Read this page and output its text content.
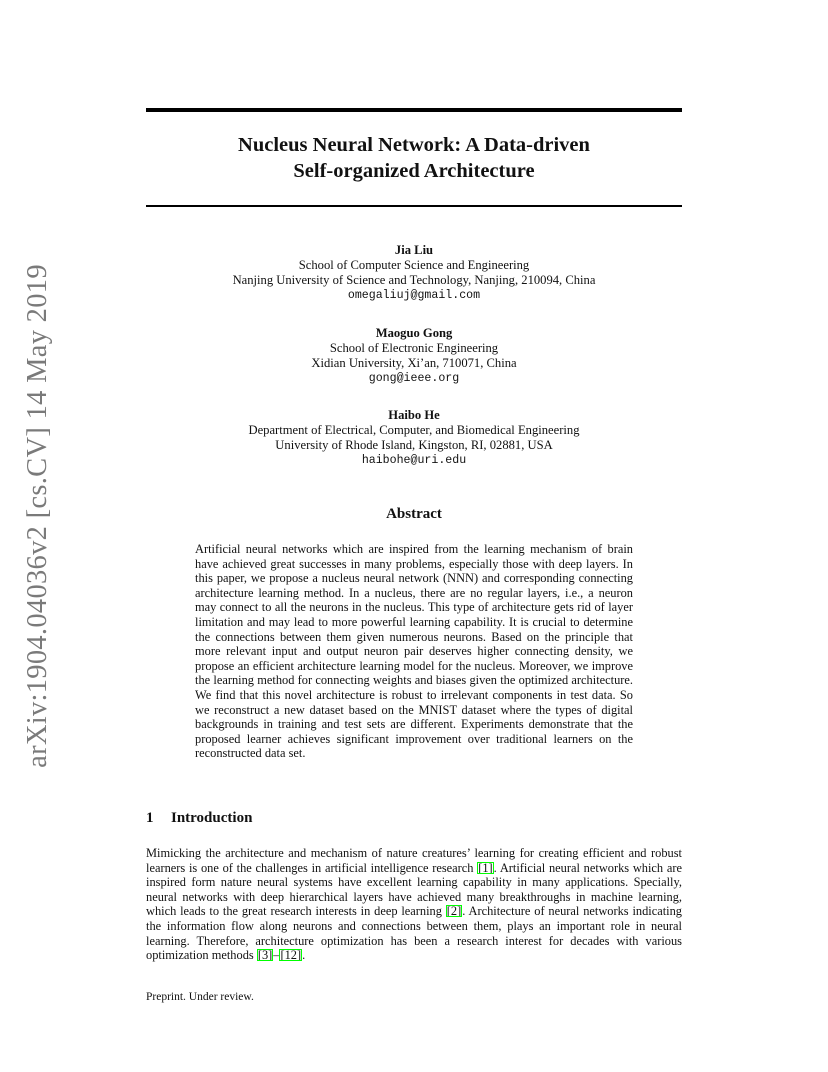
arXiv:1904.04036v2 [cs.CV] 14 May 2019
Nucleus Neural Network: A Data-driven
Self-organized Architecture
Jia Liu
School of Computer Science and Engineering
Nanjing University of Science and Technology, Nanjing, 210094, China
omegaliuj@gmail.com
Maoguo Gong
School of Electronic Engineering
Xidian University, Xi’an, 710071, China
gong@ieee.org
Haibo He
Department of Electrical, Computer, and Biomedical Engineering
University of Rhode Island, Kingston, RI, 02881, USA
haibohe@uri.edu
Abstract

Artificial neural networks which are inspired from the learning mechanism of brain have achieved great successes in many problems, especially those with deep layers. In this paper, we propose a nucleus neural network (NNN) and corresponding connecting architecture learning method. In a nucleus, there are no regular layers, i.e., a neuron may connect to all the neurons in the nucleus. This type of architecture gets rid of layer limitation and may lead to more powerful learning capability. It is crucial to determine the connections between them given numerous neurons. Based on the principle that more relevant input and output neuron pair deserves higher connecting density, we propose an efficient architecture learning model for the nucleus. Moreover, we improve the learning method for connecting weights and biases given the optimized architecture. We find that this novel architecture is robust to irrelevant components in test data. So we reconstruct a new dataset based on the MNIST dataset where the types of digital backgrounds in training and test sets are different. Experiments demonstrate that the proposed learner achieves significant improvement over traditional learners on the reconstructed data set.

1 Introduction

Mimicking the architecture and mechanism of nature creatures’ learning for creating efficient and robust learners is one of the challenges in artificial intelligence research [1]. Artificial neural networks which are inspired form nature neural systems have excellent learning capability in many applications. Specially, neural networks with deep hierarchical layers have achieved many breakthroughs in machine learning, which leads to the great research interests in deep learning [2]. Architecture of neural networks indicating the information flow along neurons and connections between them, plays an important role in neural learning. Therefore, architecture optimization has been a research interest for decades with various optimization methods [3]–[12].

Preprint. Under review.
